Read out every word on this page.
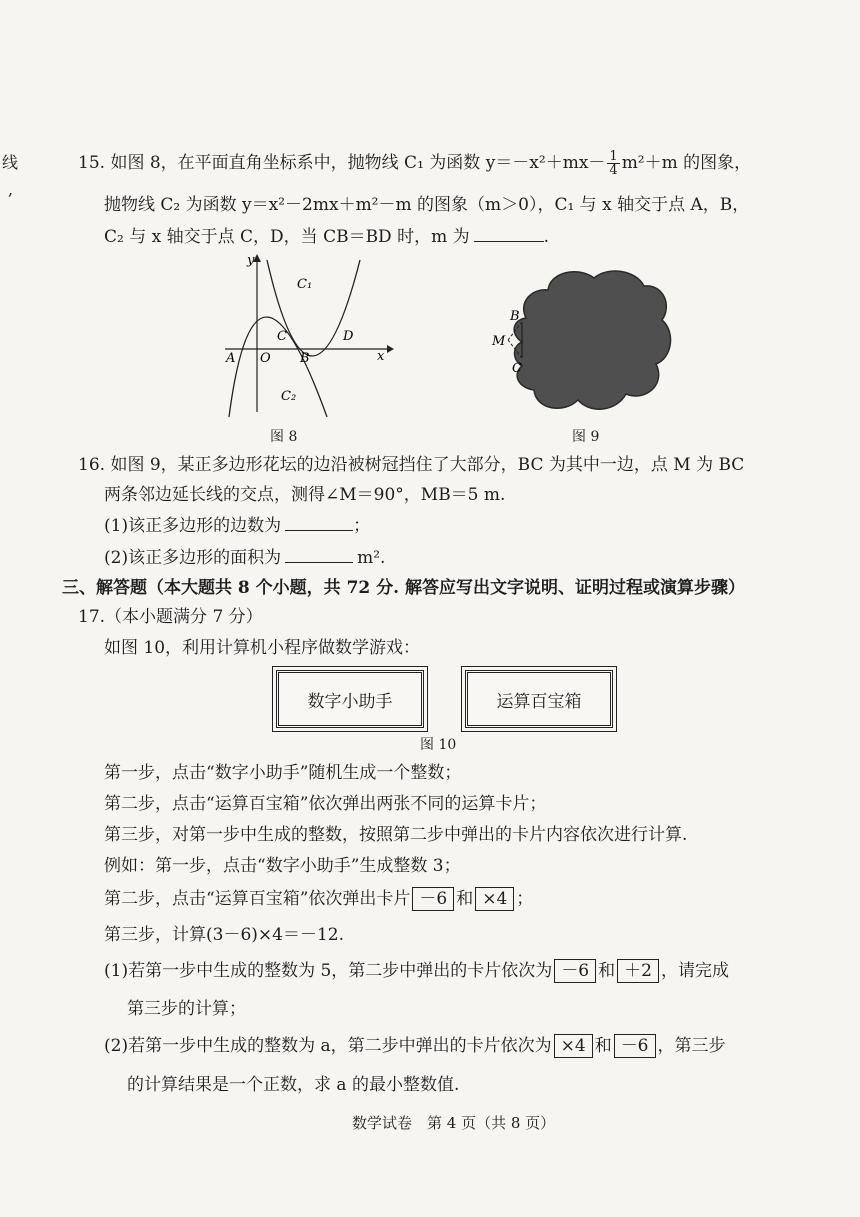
线
,
15. 如图 8，在平面直角坐标系中，抛物线 C₁ 为函数 $y=-x^2+mx- \frac{1}{4} m^2+m$ 的图象，
抛物线 C₂ 为函数 y＝x²－2mx＋m²－m 的图象（m＞0），C₁ 与 x 轴交于点 A，B，
C₂ 与 x 轴交于点 C，D，当 CB＝BD 时，m 为	.
y
x
C₁
C₂
C
A O B
D
图 8
B
M
C
图 9
16. 如图 9，某正多边形花坛的边沿被树冠挡住了大部分，BC 为其中一边，点 M 为 BC
两条邻边延长线的交点，测得∠M＝90°，MB＝5 m.
(1)该正多边形的边数为	；
(2)该正多边形的面积为	m².
三、解答题（本大题共 8 个小题，共 72 分. 解答应写出文字说明、证明过程或演算步骤）
17.（本小题满分 7 分）
如图 10，利用计算机小程序做数学游戏：
数字小助手	运算百宝箱
图 10
第一步，点击“数字小助手”随机生成一个整数；
第二步，点击“运算百宝箱”依次弹出两张不同的运算卡片；
第三步，对第一步中生成的整数，按照第二步中弹出的卡片内容依次进行计算.
例如：第一步，点击“数字小助手”生成整数 3；
第二步，点击“运算百宝箱”依次弹出卡片 －6 和 ×4 ；
第三步，计算(3－6)×4＝－12.
(1)若第一步中生成的整数为 5，第二步中弹出的卡片依次为 －6 和 ＋2 ，请完成
第三步的计算；
(2)若第一步中生成的整数为 a，第二步中弹出的卡片依次为 ×4 和 －6 ，第三步
的计算结果是一个正数，求 a 的最小整数值.
数学试卷　第 4 页（共 8 页）
